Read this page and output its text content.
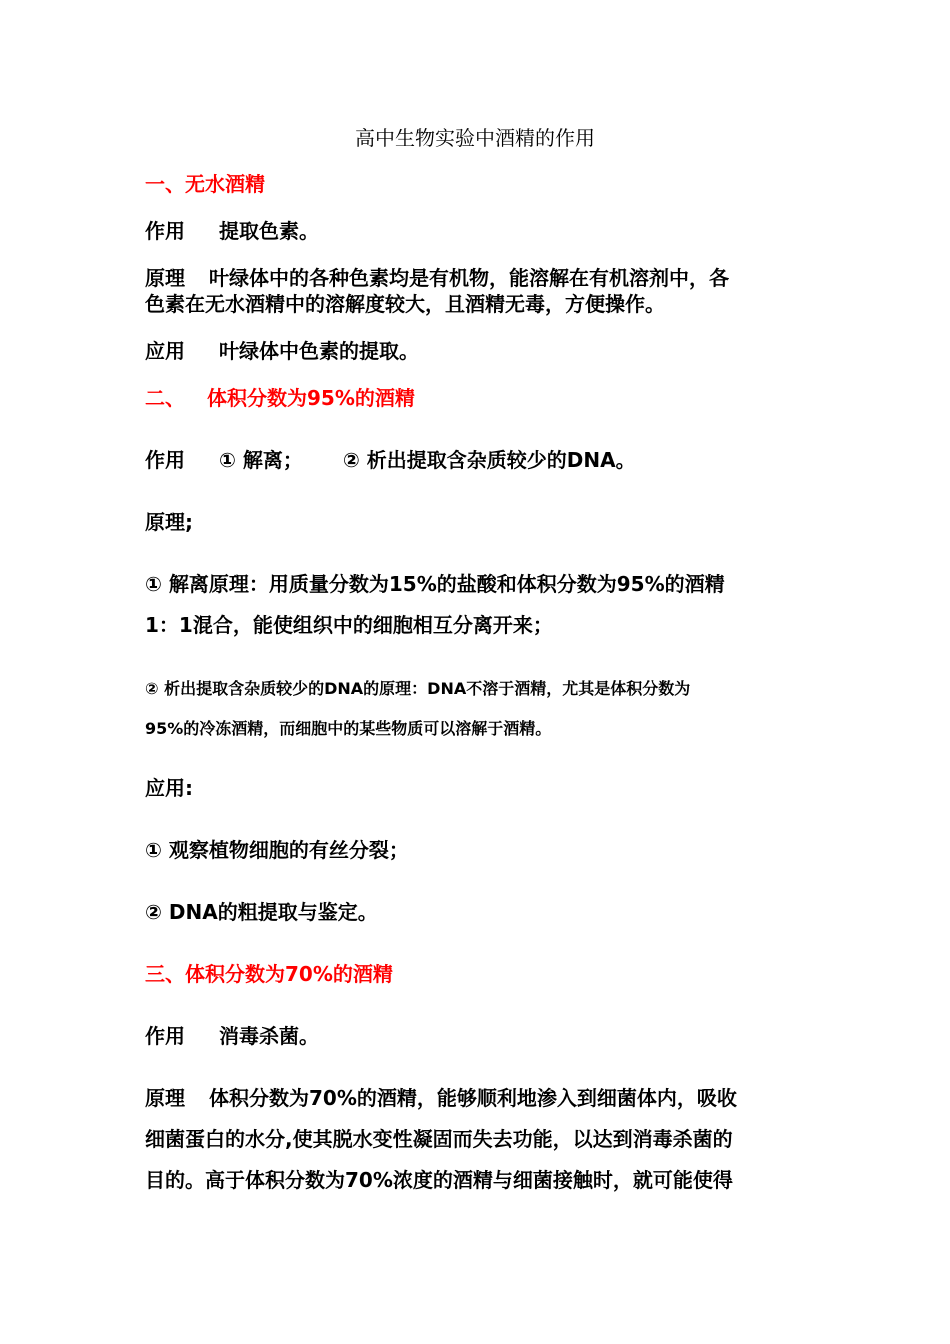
高中生物实验中酒精的作用
一、无水酒精
作用 提取色素。
原理 叶绿体中的各种色素均是有机物，能溶解在有机溶剂中，各
色素在无水酒精中的溶解度较大，且酒精无毒，方便操作。
应用 叶绿体中色素的提取。
二、 体积分数为95%的酒精
作用 ① 解离； ② 析出提取含杂质较少的DNA。
原理;
① 解离原理：用质量分数为15%的盐酸和体积分数为95%的酒精
1：1混合，能使组织中的细胞相互分离开来；
② 析出提取含杂质较少的DNA的原理：DNA不溶于酒精，尤其是体积分数为
95%的冷冻酒精，而细胞中的某些物质可以溶解于酒精。
应用:
① 观察植物细胞的有丝分裂；
② DNA的粗提取与鉴定。
三、体积分数为70%的酒精
作用 消毒杀菌。
原理 体积分数为70%的酒精，能够顺利地渗入到细菌体内，吸收
细菌蛋白的水分,使其脱水变性凝固而失去功能，以达到消毒杀菌的
目的。高于体积分数为70%浓度的酒精与细菌接触时，就可能使得
